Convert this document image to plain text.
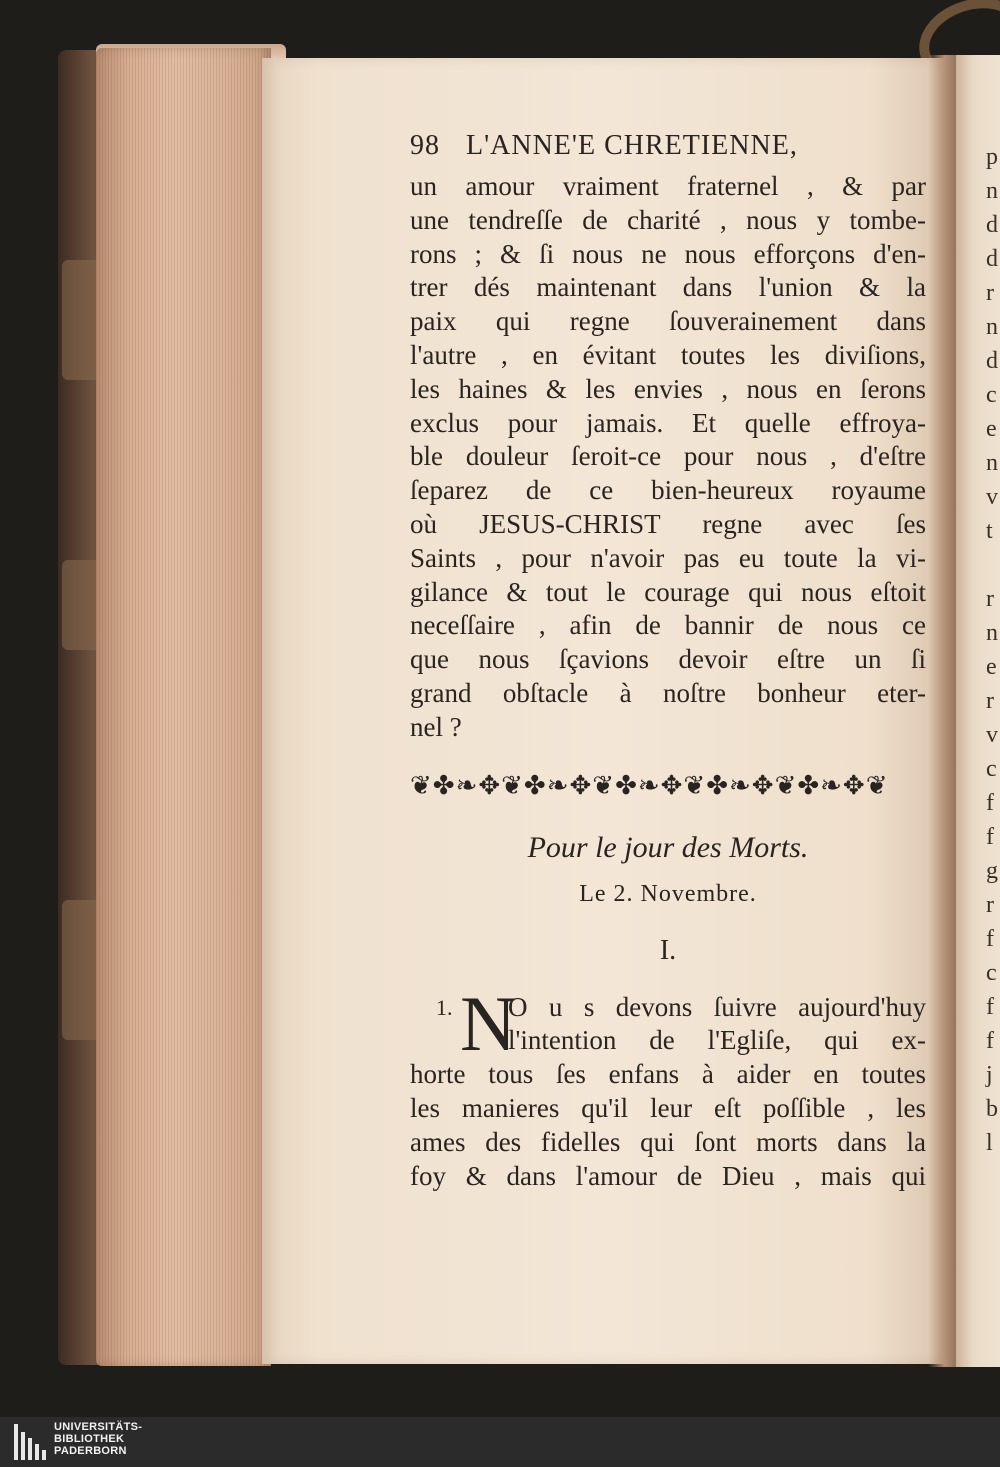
p
n
d
d
r
n
d
c
e
n
v
t

r
n
e
r
v
c
f
f
g
r
f
c
f
f
j
b
l
98 L'ANNE'E CHRETIENNE,
un amour vraiment fraternel , & par
une tendreſſe de charité , nous y tombe-
rons ; & ſi nous ne nous efforçons d'en-
trer dés maintenant dans l'union & la
paix qui regne ſouverainement dans
l'autre , en évitant toutes les diviſions,
les haines & les envies , nous en ſerons
exclus pour jamais. Et quelle effroya-
ble douleur ſeroit-ce pour nous , d'eſtre
ſeparez de ce bien-heureux royaume
où JESUS-CHRIST regne avec ſes
Saints , pour n'avoir pas eu toute la vi-
gilance & tout le courage qui nous eſtoit
neceſſaire , afin de bannir de nous ce
que nous ſçavions devoir eſtre un ſi
grand obſtacle à noſtre bonheur eter-
nel ?
❦✤❧✥❦✤❧✥❦✤❧✥❦✤❧✥❦✤❧✥❦
Pour le jour des Morts.
Le 2. Novembre.
I.
1. N
O u s devons ſuivre aujourd'huy
l'intention de l'Egliſe, qui ex-
horte tous ſes enfans à aider en toutes
les manieres qu'il leur eſt poſſible , les
ames des fidelles qui ſont morts dans la
foy & dans l'amour de Dieu , mais qui
UNIVERSITÄTS-
BIBLIOTHEK
PADERBORN
